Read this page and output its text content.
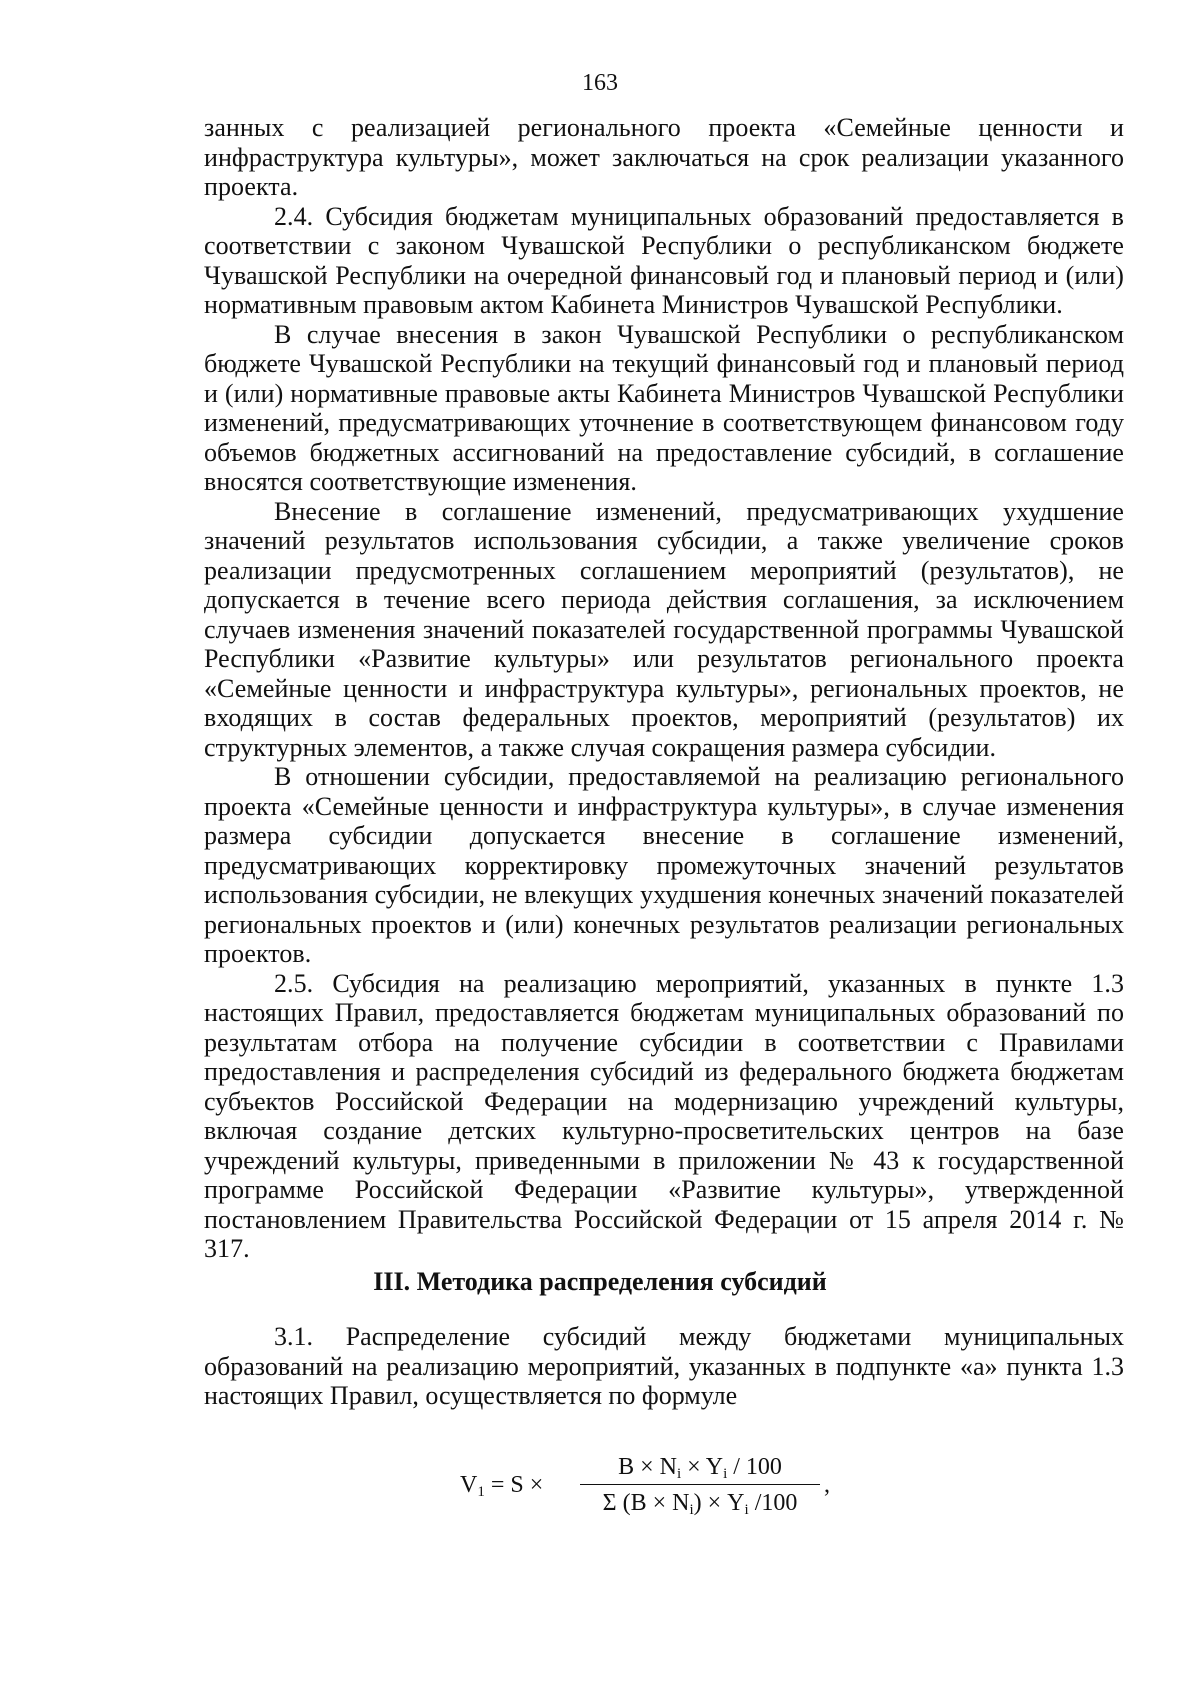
163

занных с реализацией регионального проекта «Семейные ценности и инфраструктура культуры», может заключаться на срок реализации указанного проекта.

2.4. Субсидия бюджетам муниципальных образований предоставляется в соответствии с законом Чувашской Республики о республиканском бюджете Чувашской Республики на очередной финансовый год и плановый период и (или) нормативным правовым актом Кабинета Министров Чувашской Республики.

В случае внесения в закон Чувашской Республики о республиканском бюджете Чувашской Республики на текущий финансовый год и плановый период и (или) нормативные правовые акты Кабинета Министров Чувашской Республики изменений, предусматривающих уточнение в соответствующем финансовом году объемов бюджетных ассигнований на предоставление субсидий, в соглашение вносятся соответствующие изменения.

Внесение в соглашение изменений, предусматривающих ухудшение значений результатов использования субсидии, а также увеличение сроков реализации предусмотренных соглашением мероприятий (результатов), не допускается в течение всего периода действия соглашения, за исключением случаев изменения значений показателей государственной программы Чувашской Республики «Развитие культуры» или результатов регионального проекта «Семейные ценности и инфраструктура культуры», региональных проектов, не входящих в состав федеральных проектов, мероприятий (результатов) их структурных элементов, а также случая сокращения размера субсидии.

В отношении субсидии, предоставляемой на реализацию регионального проекта «Семейные ценности и инфраструктура культуры», в случае изменения размера субсидии допускается внесение в соглашение изменений, предусматривающих корректировку промежуточных значений результатов использования субсидии, не влекущих ухудшения конечных значений показателей региональных проектов и (или) конечных результатов реализации региональных проектов.

2.5. Субсидия на реализацию мероприятий, указанных в пункте 1.3 настоящих Правил, предоставляется бюджетам муниципальных образований по результатам отбора на получение субсидии в соответствии с Правилами предоставления и распределения субсидий из федерального бюджета бюджетам субъектов Российской Федерации на модернизацию учреждений культуры, включая создание детских культурно-просветительских центров на базе учреждений культуры, приведенными в приложении № 43 к государственной программе Российской Федерации «Развитие культуры», утвержденной постановлением Правительства Российской Федерации от 15 апреля 2014 г. № 317.

III. Методика распределения субсидий

3.1. Распределение субсидий между бюджетами муниципальных образований на реализацию мероприятий, указанных в подпункте «а» пункта 1.3 настоящих Правил, осуществляется по формуле

$V_1 = S$ ×
$B \times N_i \times Y_i / 100$
Σ $(B \times N_i) \times Y_i$ /100
,
